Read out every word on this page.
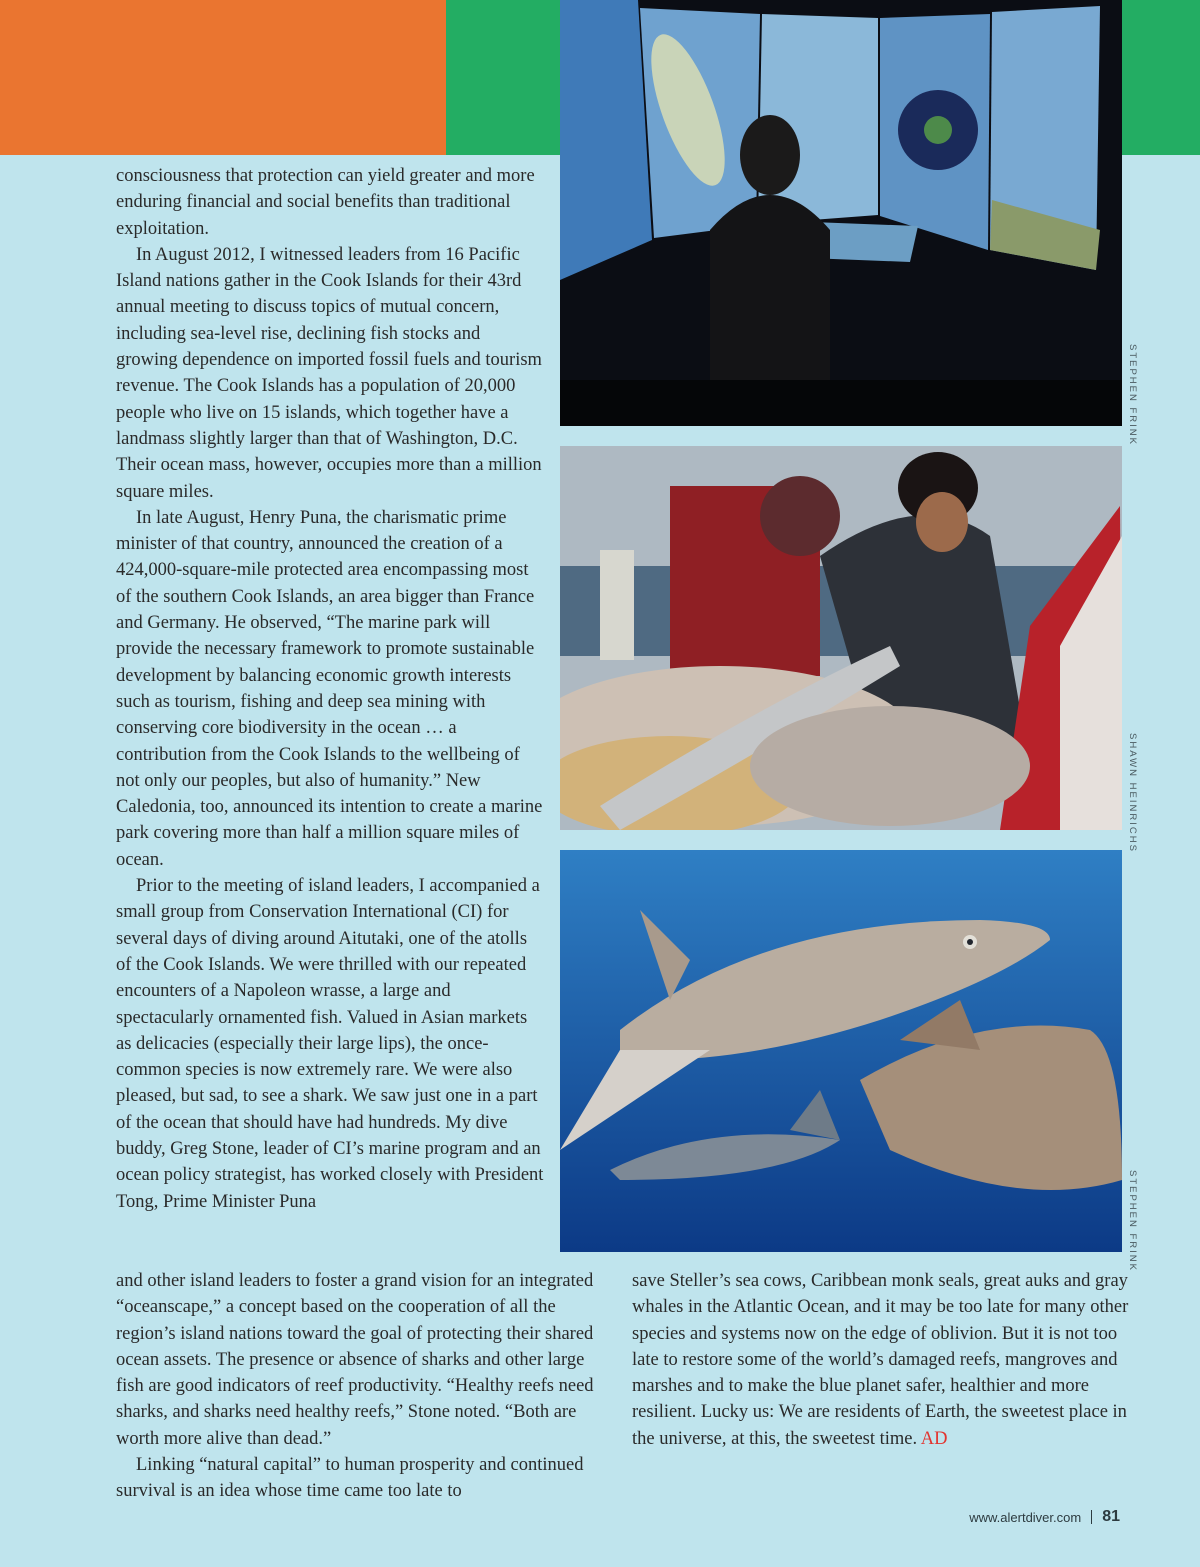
consciousness that protection can yield greater and more enduring financial and social benefits than traditional exploitation.

In August 2012, I witnessed leaders from 16 Pacific Island nations gather in the Cook Islands for their 43rd annual meeting to discuss topics of mutual concern, including sea-level rise, declining fish stocks and growing dependence on imported fossil fuels and tourism revenue. The Cook Islands has a population of 20,000 people who live on 15 islands, which together have a landmass slightly larger than that of Washington, D.C. Their ocean mass, however, occupies more than a million square miles.

In late August, Henry Puna, the charismatic prime minister of that country, announced the creation of a 424,000-square-mile protected area encompassing most of the southern Cook Islands, an area bigger than France and Germany. He observed, “The marine park will provide the necessary framework to promote sustainable development by balancing economic growth interests such as tourism, fishing and deep sea mining with conserving core biodiversity in the ocean … a contribution from the Cook Islands to the wellbeing of not only our peoples, but also of humanity.” New Caledonia, too, announced its intention to create a marine park covering more than half a million square miles of ocean.

Prior to the meeting of island leaders, I accompanied a small group from Conservation International (CI) for several days of diving around Aitutaki, one of the atolls of the Cook Islands. We were thrilled with our repeated encounters of a Napoleon wrasse, a large and spectacularly ornamented fish. Valued in Asian markets as delicacies (especially their large lips), the once-common species is now extremely rare. We were also pleased, but sad, to see a shark. We saw just one in a part of the ocean that should have had hundreds. My dive buddy, Greg Stone, leader of CI’s marine program and an ocean policy strategist, has worked closely with President Tong, Prime Minister Puna

and other island leaders to foster a grand vision for an integrated “oceanscape,” a concept based on the cooperation of all the region’s island nations toward the goal of protecting their shared ocean assets. The presence or absence of sharks and other large fish are good indicators of reef productivity. “Healthy reefs need sharks, and sharks need healthy reefs,” Stone noted. “Both are worth more alive than dead.”

Linking “natural capital” to human prosperity and continued survival is an idea whose time came too late to

save Steller’s sea cows, Caribbean monk seals, great auks and gray whales in the Atlantic Ocean, and it may be too late for many other species and systems now on the edge of oblivion. But it is not too late to restore some of the world’s damaged reefs, mangroves and marshes and to make the blue planet safer, healthier and more resilient. Lucky us: We are residents of Earth, the sweetest place in the universe, at this, the sweetest time. AD

STEPHEN FRINK
SHAWN HEINRICHS
STEPHEN FRINK
www.alertdiver.com 81
